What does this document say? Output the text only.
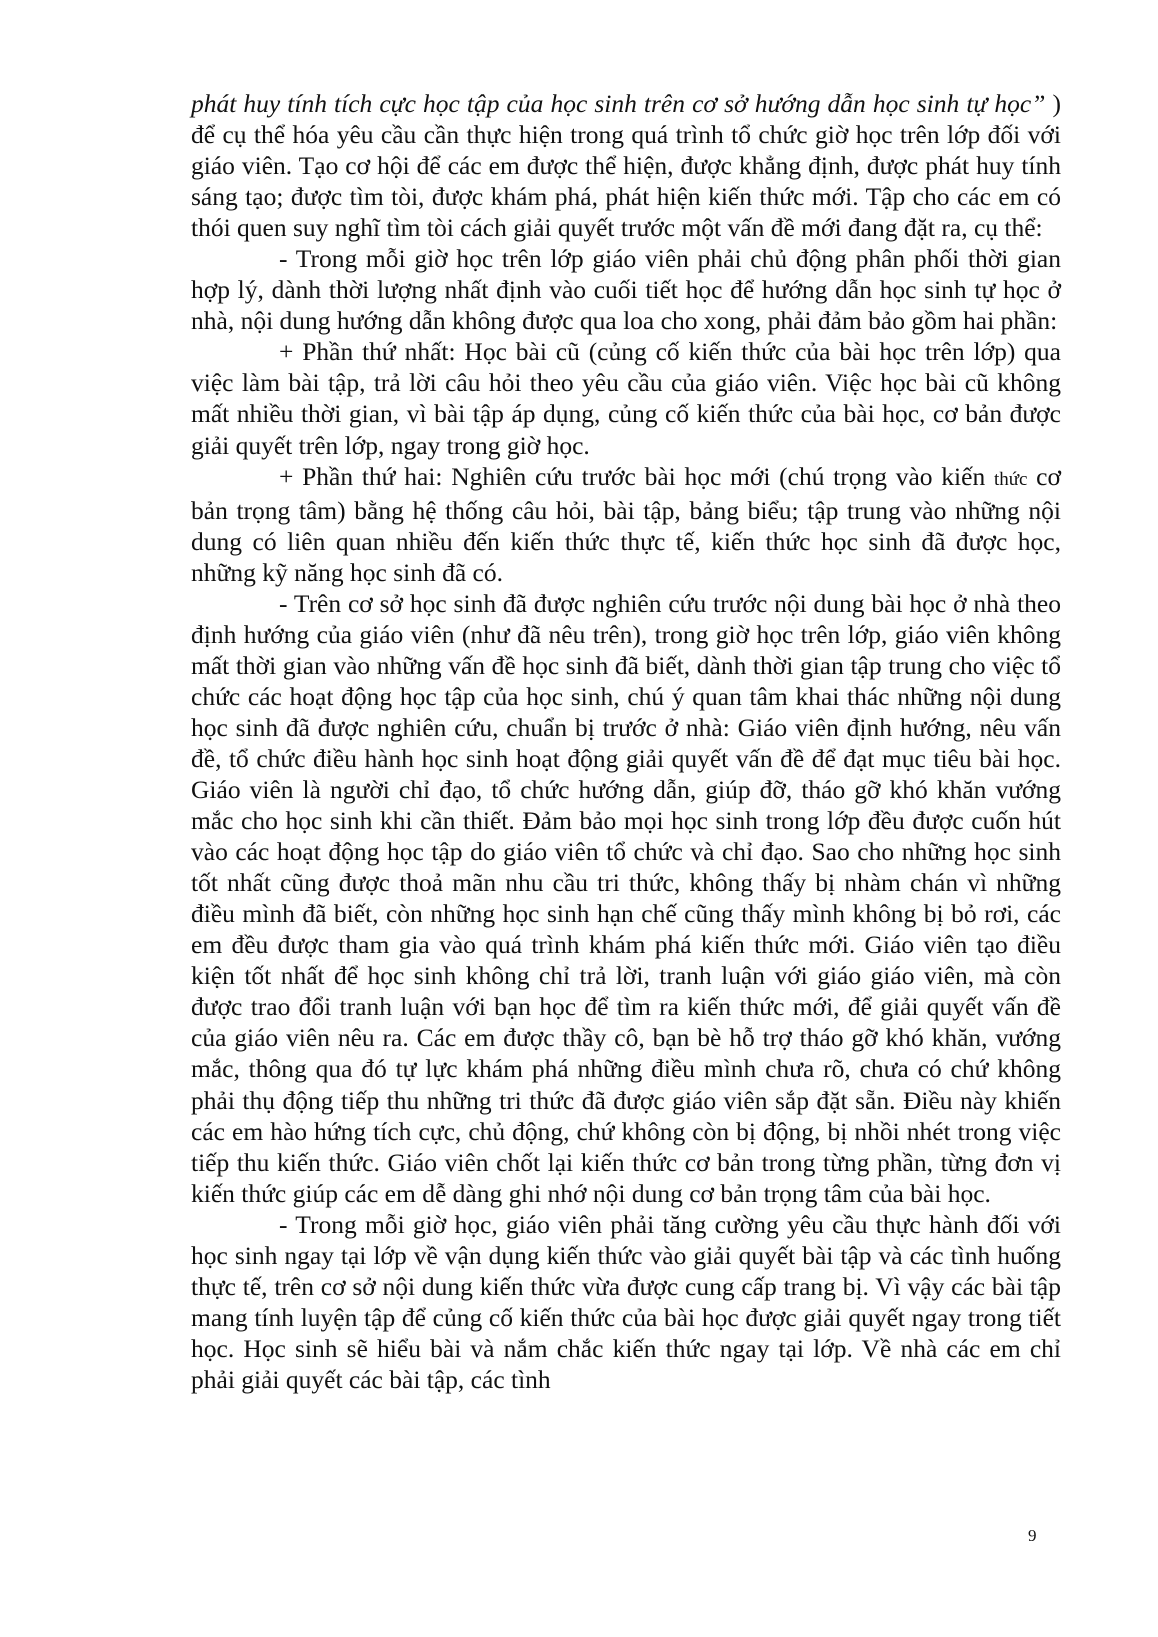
phát huy tính tích cực học tập của học sinh trên cơ sở hướng dẫn học sinh tự học” ) để cụ thể hóa yêu cầu cần thực hiện trong quá trình tổ chức giờ học trên lớp đối với giáo viên. Tạo cơ hội để các em được thể hiện, được khẳng định, được phát huy tính sáng tạo; được tìm tòi, được khám phá, phát hiện kiến thức mới. Tập cho các em có thói quen suy nghĩ tìm tòi cách giải quyết trước một vấn đề mới đang đặt ra, cụ thể:

- Trong mỗi giờ học trên lớp giáo viên phải chủ động phân phối thời gian hợp lý, dành thời lượng nhất định vào cuối tiết học để hướng dẫn học sinh tự học ở nhà, nội dung hướng dẫn không được qua loa cho xong, phải đảm bảo gồm hai phần:

+ Phần thứ nhất: Học bài cũ (củng cố kiến thức của bài học trên lớp) qua việc làm bài tập, trả lời câu hỏi theo yêu cầu của giáo viên. Việc học bài cũ không mất nhiều thời gian, vì bài tập áp dụng, củng cố kiến thức của bài học, cơ bản được giải quyết trên lớp, ngay trong giờ học.

+ Phần thứ hai: Nghiên cứu trước bài học mới (chú trọng vào kiến thức cơ bản trọng tâm) bằng hệ thống câu hỏi, bài tập, bảng biểu; tập trung vào những nội dung có liên quan nhiều đến kiến thức thực tế, kiến thức học sinh đã được học, những kỹ năng học sinh đã có.

- Trên cơ sở học sinh đã được nghiên cứu trước nội dung bài học ở nhà theo định hướng của giáo viên (như đã nêu trên), trong giờ học trên lớp, giáo viên không mất thời gian vào những vấn đề học sinh đã biết, dành thời gian tập trung cho việc tổ chức các hoạt động học tập của học sinh, chú ý quan tâm khai thác những nội dung học sinh đã được nghiên cứu, chuẩn bị trước ở nhà: Giáo viên định hướng, nêu vấn đề, tổ chức điều hành học sinh hoạt động giải quyết vấn đề để đạt mục tiêu bài học. Giáo viên là người chỉ đạo, tổ chức hướng dẫn, giúp đỡ, tháo gỡ khó khăn vướng mắc cho học sinh khi cần thiết. Đảm bảo mọi học sinh trong lớp đều được cuốn hút vào các hoạt động học tập do giáo viên tổ chức và chỉ đạo. Sao cho những học sinh tốt nhất cũng được thoả mãn nhu cầu tri thức, không thấy bị nhàm chán vì những điều mình đã biết, còn những học sinh hạn chế cũng thấy mình không bị bỏ rơi, các em đều được tham gia vào quá trình khám phá kiến thức mới. Giáo viên tạo điều kiện tốt nhất để học sinh không chỉ trả lời, tranh luận với giáo giáo viên, mà còn được trao đổi tranh luận với bạn học để tìm ra kiến thức mới, để giải quyết vấn đề của giáo viên nêu ra. Các em được thầy cô, bạn bè hỗ trợ tháo gỡ khó khăn, vướng mắc, thông qua đó tự lực khám phá những điều mình chưa rõ, chưa có chứ không phải thụ động tiếp thu những tri thức đã được giáo viên sắp đặt sẵn. Điều này khiến các em hào hứng tích cực, chủ động, chứ không còn bị động, bị nhồi nhét trong việc tiếp thu kiến thức. Giáo viên chốt lại kiến thức cơ bản trong từng phần, từng đơn vị kiến thức giúp các em dễ dàng ghi nhớ nội dung cơ bản trọng tâm của bài học.

- Trong mỗi giờ học, giáo viên phải tăng cường yêu cầu thực hành đối với học sinh ngay tại lớp về vận dụng kiến thức vào giải quyết bài tập và các tình huống thực tế, trên cơ sở nội dung kiến thức vừa được cung cấp trang bị. Vì vậy các bài tập mang tính luyện tập để củng cố kiến thức của bài học được giải quyết ngay trong tiết học. Học sinh sẽ hiểu bài và nắm chắc kiến thức ngay tại lớp. Về nhà các em chỉ phải giải quyết các bài tập, các tình

9
